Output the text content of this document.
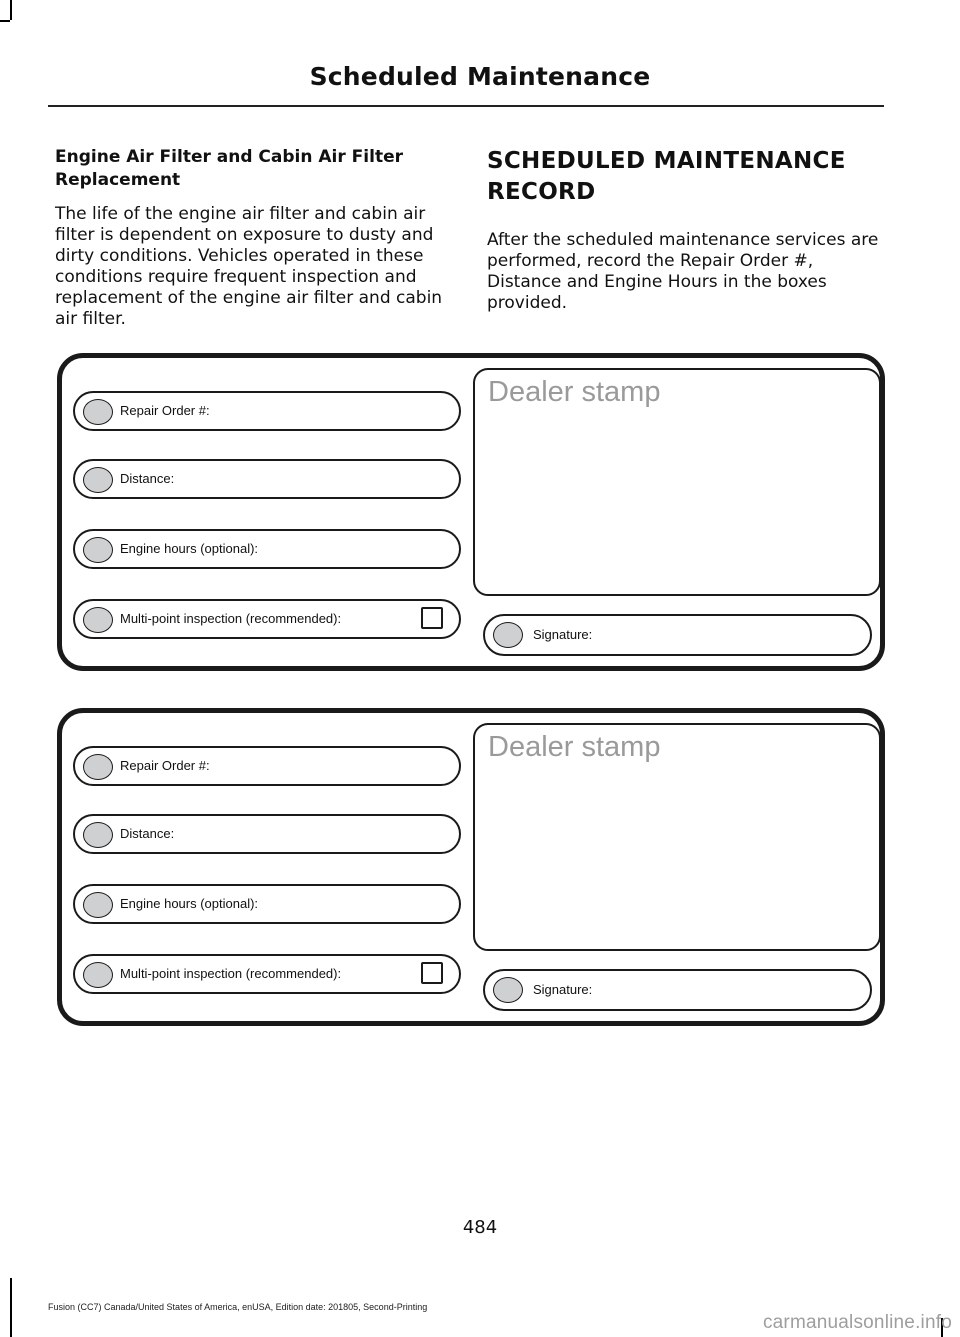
Scheduled Maintenance
Engine Air Filter and Cabin Air Filter Replacement

The life of the engine air filter and cabin air filter is dependent on exposure to dusty and dirty conditions. Vehicles operated in these conditions require frequent inspection and replacement of the engine air filter and cabin air filter.

SCHEDULED MAINTENANCE RECORD

After the scheduled maintenance services are performed, record the Repair Order #, Distance and Engine Hours in the boxes provided.

Repair Order #:
Distance:
Engine hours (optional):
Multi-point inspection (recommended):
Dealer stamp
Signature:
Repair Order #:
Distance:
Engine hours (optional):
Multi-point inspection (recommended):
Dealer stamp
Signature:
484
Fusion (CC7) Canada/United States of America, enUSA, Edition date: 201805, Second-Printing
carmanualsonline.info
